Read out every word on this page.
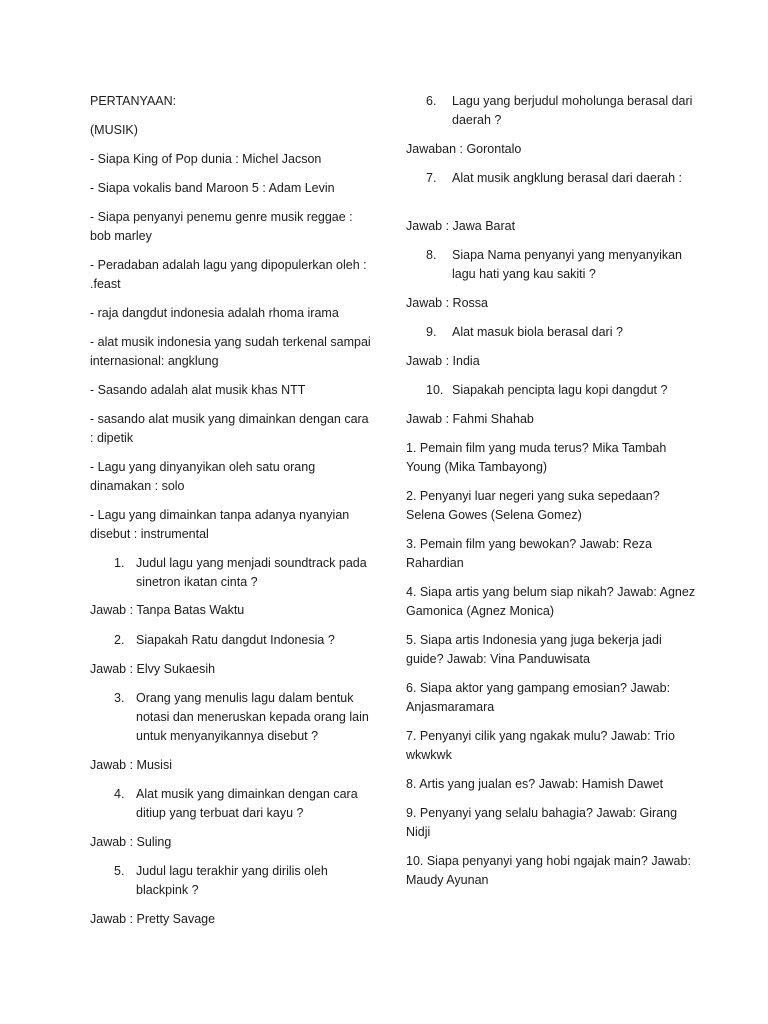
PERTANYAAN:

(MUSIK)

- Siapa King of Pop dunia : Michel Jacson

- Siapa vokalis band Maroon 5 : Adam Levin

- Siapa penyanyi penemu genre musik reggae : bob marley

- Peradaban adalah lagu yang dipopulerkan oleh : .feast

- raja dangdut indonesia adalah rhoma irama

- alat musik indonesia yang sudah terkenal sampai internasional: angklung

- Sasando adalah alat musik khas NTT

- sasando alat musik yang dimainkan dengan cara : dipetik

- Lagu yang dinyanyikan oleh satu orang dinamakan : solo

- Lagu yang dimainkan tanpa adanya nyanyian disebut : instrumental

1. Judul lagu yang menjadi soundtrack pada sinetron ikatan cinta ?

Jawab : Tanpa Batas Waktu

2. Siapakah Ratu dangdut Indonesia ?

Jawab : Elvy Sukaesih

3. Orang yang menulis lagu dalam bentuk notasi dan meneruskan kepada orang lain untuk menyanyikannya disebut ?

Jawab : Musisi

4. Alat musik yang dimainkan dengan cara ditiup yang terbuat dari kayu ?

Jawab : Suling

5. Judul lagu terakhir yang dirilis oleh blackpink ?

Jawab : Pretty Savage

6. Lagu yang berjudul moholunga berasal dari daerah ?

Jawaban : Gorontalo

7. Alat musik angklung berasal dari daerah :

Jawab : Jawa Barat

8. Siapa Nama penyanyi yang menyanyikan lagu hati yang kau sakiti ?

Jawab : Rossa

9. Alat masuk biola berasal dari ?

Jawab : India

10. Siapakah pencipta lagu kopi dangdut ?

Jawab : Fahmi Shahab

1. Pemain film yang muda terus? Mika Tambah Young (Mika Tambayong)

2. Penyanyi luar negeri yang suka sepedaan? Selena Gowes (Selena Gomez)

3. Pemain film yang bewokan? Jawab: Reza Rahardian

4. Siapa artis yang belum siap nikah? Jawab: Agnez Gamonica (Agnez Monica)

5. Siapa artis Indonesia yang juga bekerja jadi guide? Jawab: Vina Panduwisata

6. Siapa aktor yang gampang emosian? Jawab: Anjasmaramara

7. Penyanyi cilik yang ngakak mulu? Jawab: Trio wkwkwk

8. Artis yang jualan es? Jawab: Hamish Dawet

9. Penyanyi yang selalu bahagia? Jawab: Girang Nidji

10. Siapa penyanyi yang hobi ngajak main? Jawab: Maudy Ayunan
